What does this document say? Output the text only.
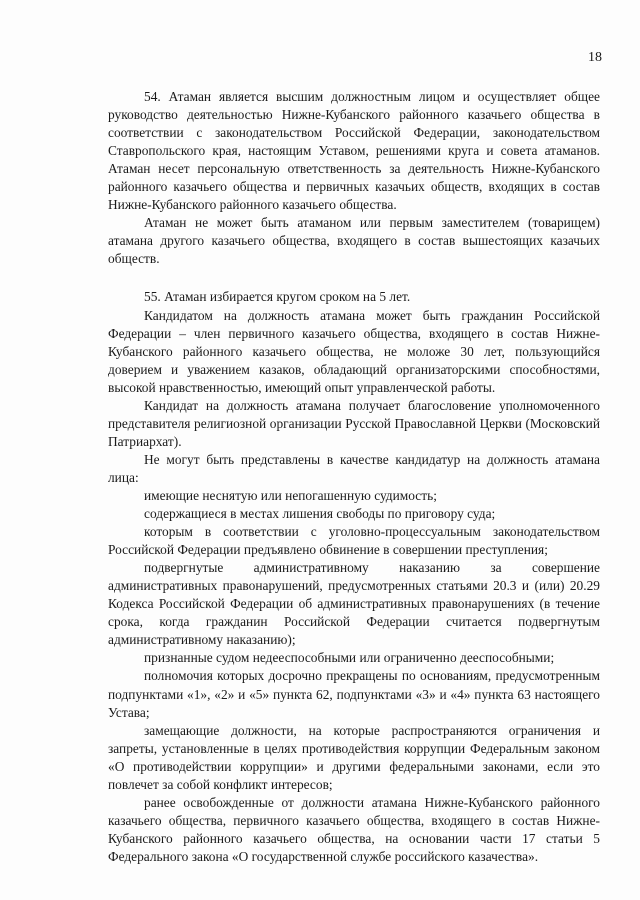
18

54. Атаман является высшим должностным лицом и осуществляет общее руководство деятельностью Нижне-Кубанского районного казачьего общества в соответствии с законодательством Российской Федерации, законодательством Ставропольского края, настоящим Уставом, решениями круга и совета атаманов. Атаман несет персональную ответственность за деятельность Нижне-Кубанского районного казачьего общества и первичных казачьих обществ, входящих в состав Нижне-Кубанского районного казачьего общества.

Атаман не может быть атаманом или первым заместителем (товарищем) атамана другого казачьего общества, входящего в состав вышестоящих казачьих обществ.

55. Атаман избирается кругом сроком на 5 лет.

Кандидатом на должность атамана может быть гражданин Российской Федерации – член первичного казачьего общества, входящего в состав Нижне-Кубанского районного казачьего общества, не моложе 30 лет, пользующийся доверием и уважением казаков, обладающий организаторскими способностями, высокой нравственностью, имеющий опыт управленческой работы.

Кандидат на должность атамана получает благословение уполномоченного представителя религиозной организации Русской Православной Церкви (Московский Патриархат).

Не могут быть представлены в качестве кандидатур на должность атамана лица:

имеющие неснятую или непогашенную судимость;

содержащиеся в местах лишения свободы по приговору суда;

которым в соответствии с уголовно-процессуальным законодательством Российской Федерации предъявлено обвинение в совершении преступления;

подвергнутые административному наказанию за совершение административных правонарушений, предусмотренных статьями 20.3 и (или) 20.29 Кодекса Российской Федерации об административных правонарушениях (в течение срока, когда гражданин Российской Федерации считается подвергнутым административному наказанию);

признанные судом недееспособными или ограниченно дееспособными;

полномочия которых досрочно прекращены по основаниям, предусмотренным подпунктами «1», «2» и «5» пункта 62, подпунктами «3» и «4» пункта 63 настоящего Устава;

замещающие должности, на которые распространяются ограничения и запреты, установленные в целях противодействия коррупции Федеральным законом «О противодействии коррупции» и другими федеральными законами, если это повлечет за собой конфликт интересов;

ранее освобожденные от должности атамана Нижне-Кубанского районного казачьего общества, первичного казачьего общества, входящего в состав Нижне-Кубанского районного казачьего общества, на основании части 17 статьи 5 Федерального закона «О государственной службе российского казачества».
